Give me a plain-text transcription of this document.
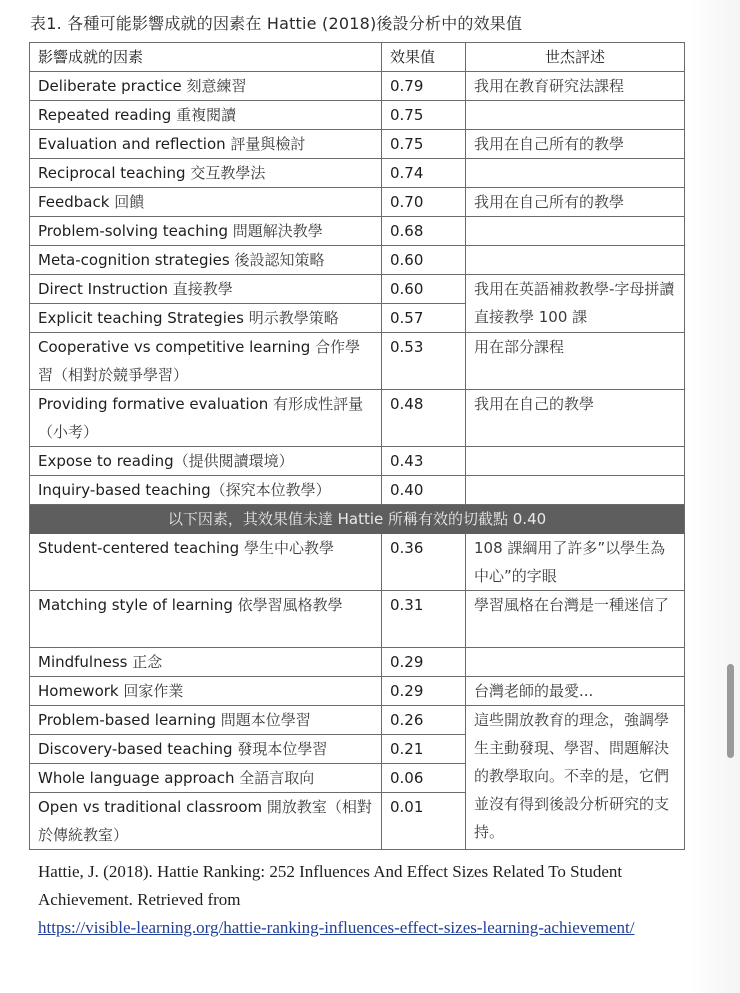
表1. 各種可能影響成就的因素在 Hattie (2018)後設分析中的效果值
影響成就的因素	效果值	世杰評述
Deliberate practice 刻意練習	0.79	我用在教育研究法課程
Repeated reading 重複閱讀	0.75	
Evaluation and reflection 評量與檢討	0.75	我用在自己所有的教學
Reciprocal teaching 交互教學法	0.74	
Feedback 回饋	0.70	我用在自己所有的教學
Problem-solving teaching 問題解決教學	0.68	
Meta-cognition strategies 後設認知策略	0.60	
Direct Instruction 直接教學	0.60	我用在英語補救教學-字母拼讀直接教學 100 課
Explicit teaching Strategies 明示教學策略	0.57	
Cooperative vs competitive learning 合作學習（相對於競爭學習）	0.53	用在部分課程
Providing formative evaluation 有形成性評量（小考）	0.48	我用在自己的教學
Expose to reading（提供閱讀環境）	0.43	
Inquiry-based teaching（探究本位教學）	0.40	
以下因素，其效果值未達 Hattie 所稱有效的切截點 0.40		
Student-centered teaching 學生中心教學	0.36	108 課綱用了許多”以學生為中心”的字眼
Matching style of learning 依學習風格教學	0.31	學習風格在台灣是一種迷信了
Mindfulness 正念	0.29	
Homework 回家作業	0.29	台灣老師的最愛...
Problem-based learning 問題本位學習	0.26	這些開放教育的理念，強調學生主動發現、學習、問題解決的教學取向。不幸的是，它們並沒有得到後設分析研究的支持。
Discovery-based teaching 發現本位學習	0.21	
Whole language approach 全語言取向	0.06	
Open vs traditional classroom 開放教室（相對於傳統教室）	0.01	
Hattie, J. (2018). Hattie Ranking: 252 Influences And Effect Sizes Related To Student Achievement. Retrieved from
https://visible-learning.org/hattie-ranking-influences-effect-sizes-learning-achievement/
